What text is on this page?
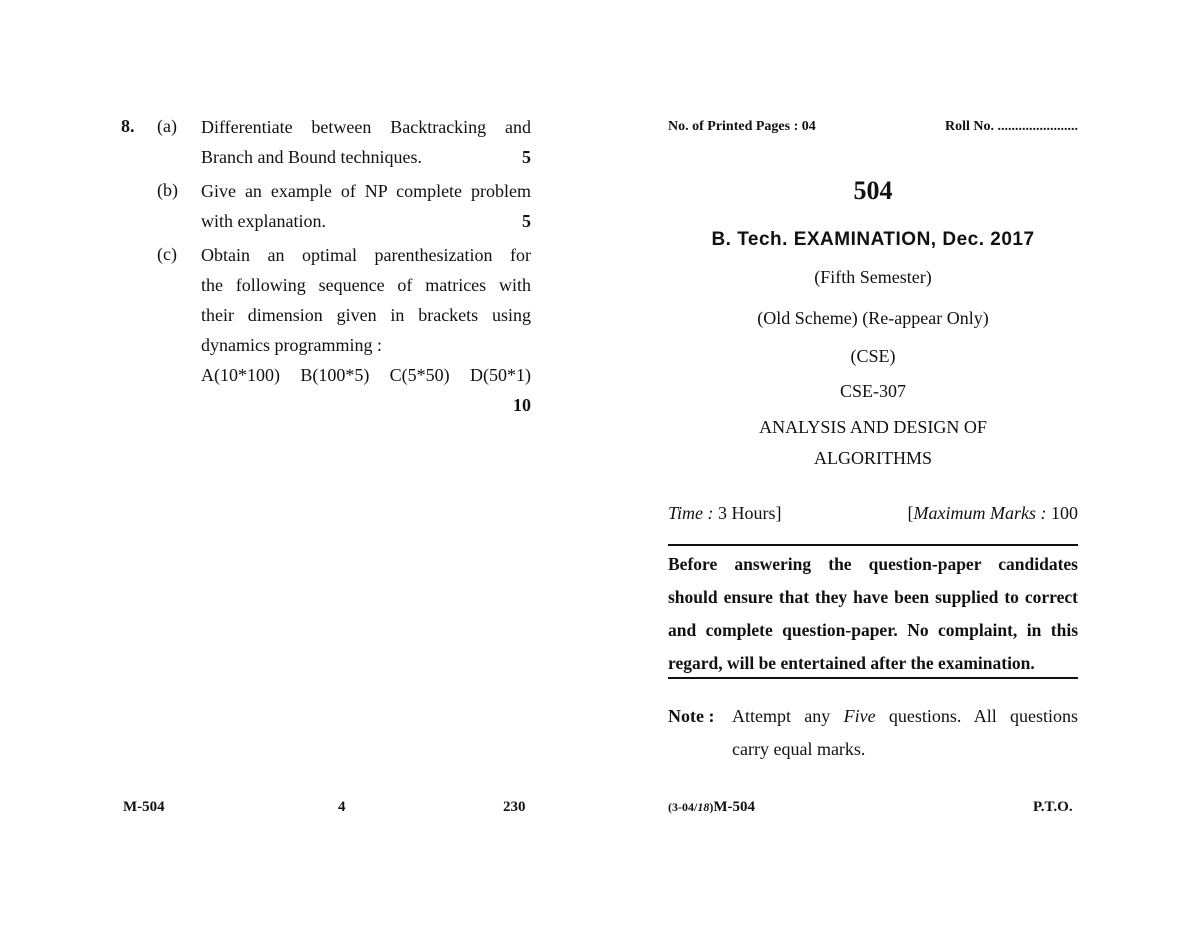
8. (a) Differentiate between Backtracking and
Branch and Bound techniques.	5
(b) Give an example of NP complete problem
with explanation.	5
(c) Obtain an optimal parenthesization for
the following sequence of matrices with
their dimension given in brackets using
dynamics programming :
A(10*100) B(100*5) C(5*50) D(50*1)
10
M-504	4	230
No. of Printed Pages : 04	Roll No. .......................
504
B. Tech. EXAMINATION, Dec. 2017
(Fifth Semester)
(Old Scheme) (Re-appear Only)
(CSE)
CSE-307
ANALYSIS AND DESIGN OF
ALGORITHMS
Time : 3 Hours]	[Maximum Marks : 100
Before answering the question-paper candidates
should ensure that they have been supplied to correct
and complete question-paper. No complaint, in this
regard, will be entertained after the examination.
Note : Attempt any Five questions. All questions
carry equal marks.
(3-04/18)M-504	P.T.O.
